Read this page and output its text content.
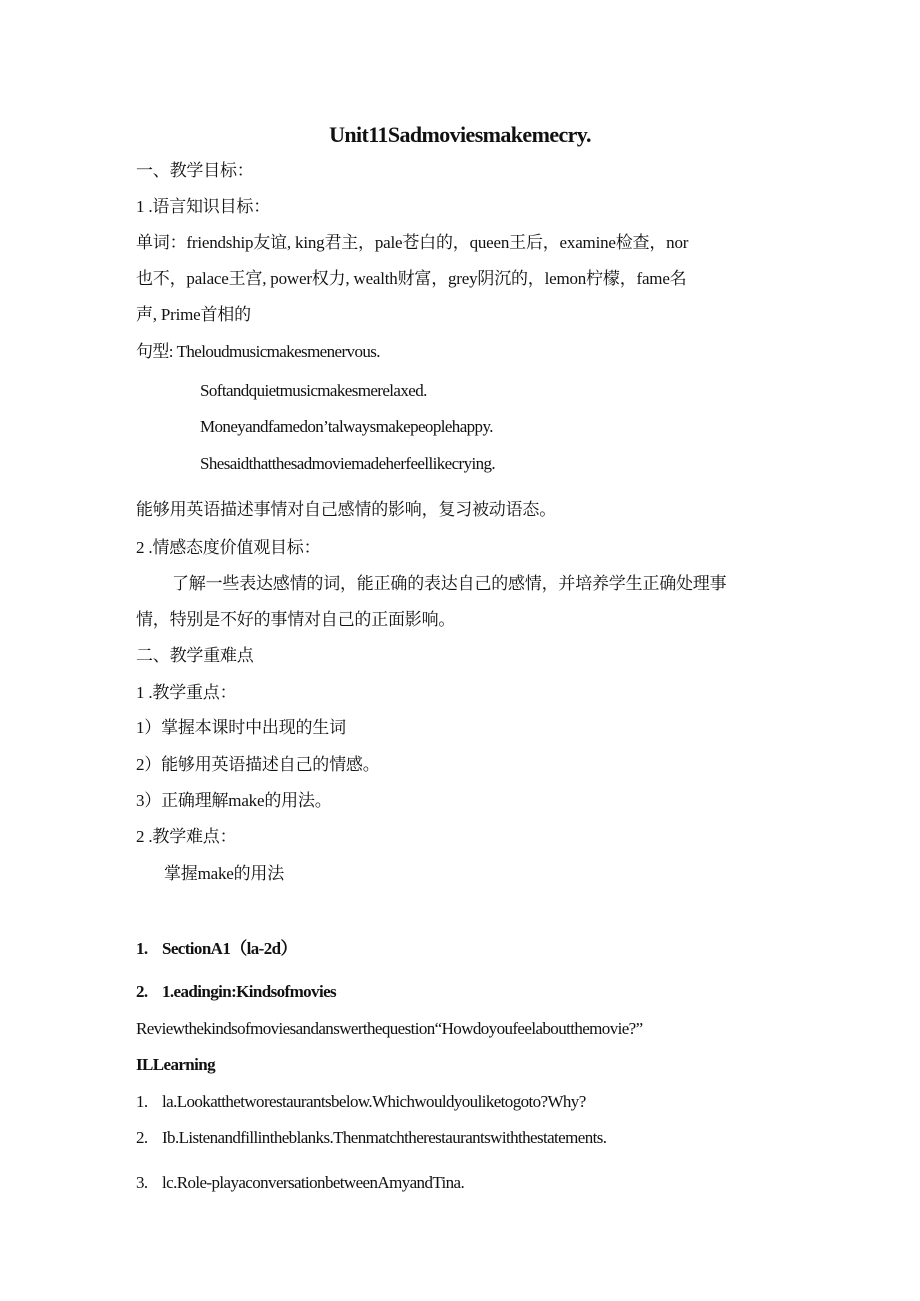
Unit11Sadmoviesmakemecry.
一、教学目标：
1 .语言知识目标：
单词：friendship友谊, king君主，pale苍白的，queen王后，examine检查，nor
也不，palace王宫, power权力, wealth财富，grey阴沉的，lemon柠檬，fame名
声, Prime首相的
句型: Theloudmusicmakesmenervous.
Softandquietmusicmakesmerelaxed.
Moneyandfamedon’talwaysmakepeoplehappy.
Shesaidthatthesadmoviemadeherfeellikecrying.
能够用英语描述事情对自己感情的影响，复习被动语态。
2 .情感态度价值观目标：
了解一些表达感情的词，能正确的表达自己的感情，并培养学生正确处理事
情，特别是不好的事情对自己的正面影响。
二、教学重难点
1 .教学重点：
1）掌握本课时中出现的生词
2）能够用英语描述自己的情感。
3）正确理解make的用法。
2 .教学难点：
掌握make的用法
1. SectionA1（la-2d）
2. 1.eadingin:Kindsofmovies
Reviewthekindsofmoviesandanswerthequestion“Howdoyoufeelaboutthemovie?”
ILLearning
1. la.Lookatthetworestaurantsbelow.Whichwouldyouliketogoto?Why?
2. Ib.Listenandfillintheblanks.Thenmatchtherestaurantswiththestatements.
3. lc.Role-playaconversationbetweenAmyandTina.
